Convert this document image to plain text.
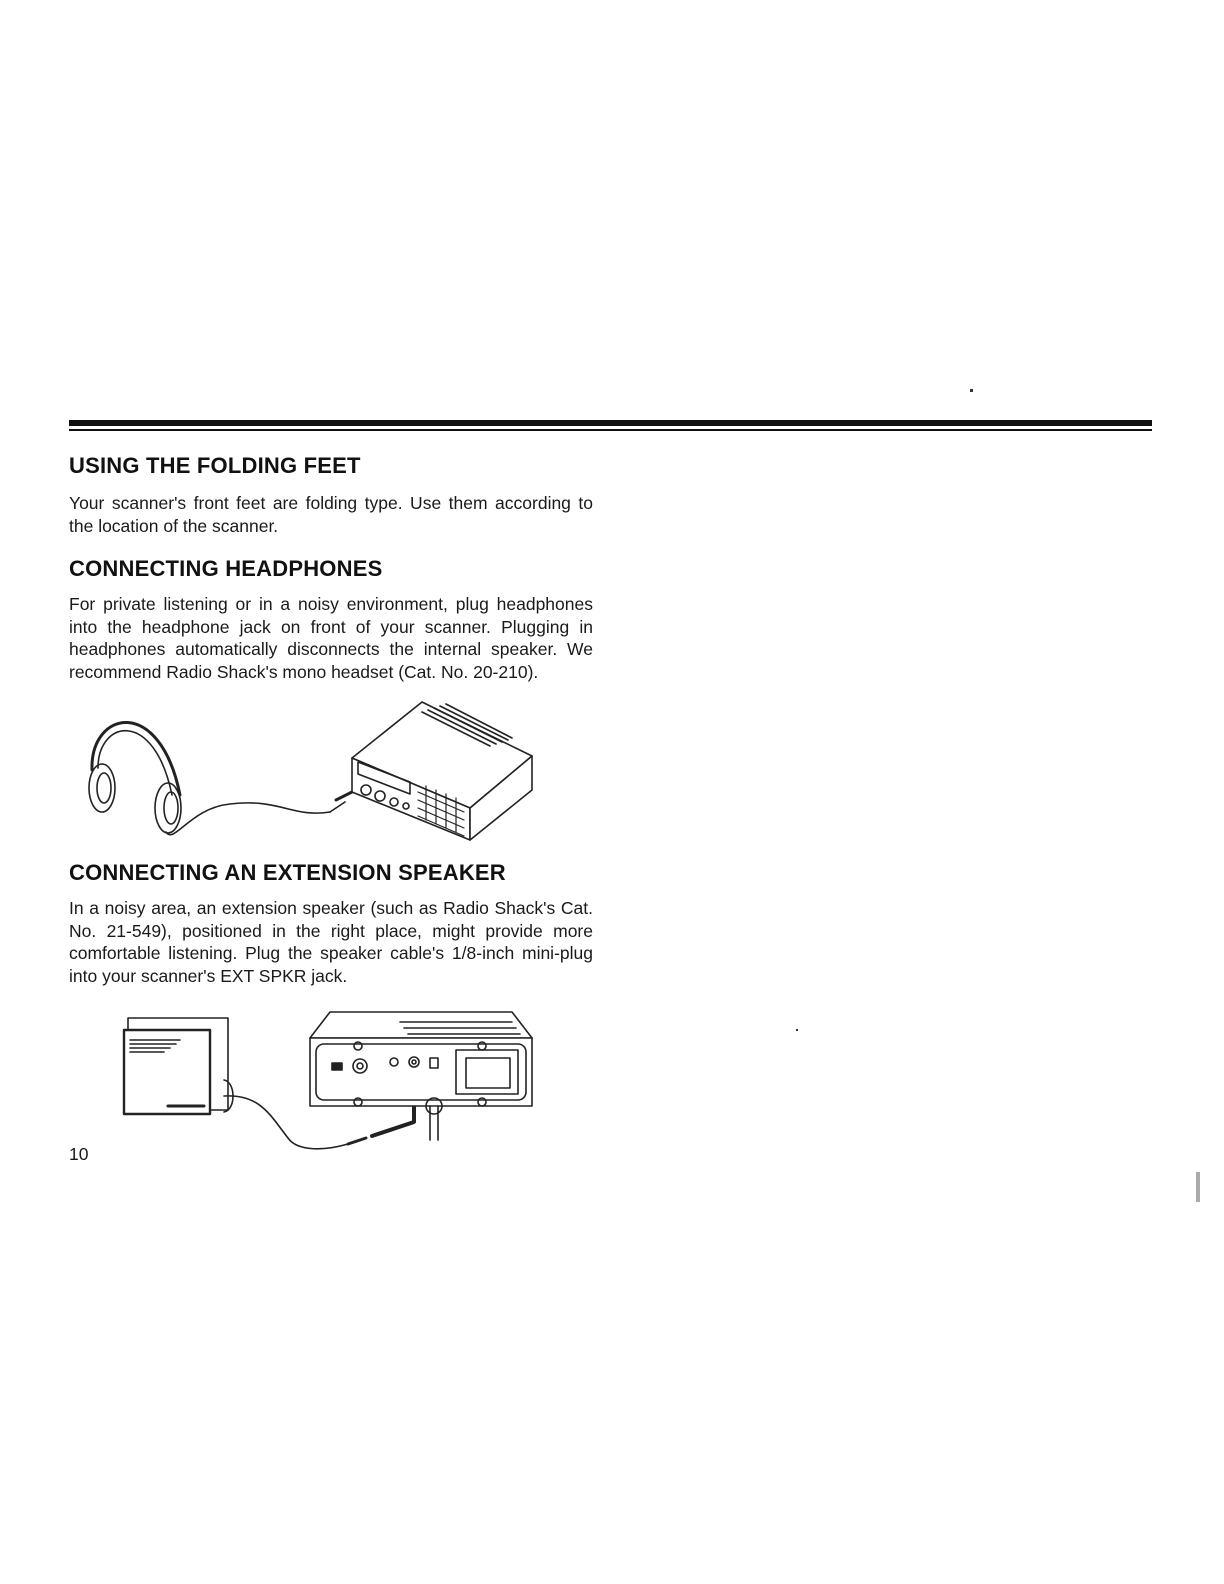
USING THE FOLDING FEET

Your scanner's front feet are folding type. Use them according to the location of the scanner.

CONNECTING HEADPHONES

For private listening or in a noisy environment, plug headphones into the headphone jack on front of your scanner. Plugging in headphones automatically disconnects the internal speaker. We recommend Radio Shack's mono headset (Cat. No. 20-210).

CONNECTING AN EXTENSION SPEAKER

In a noisy area, an extension speaker (such as Radio Shack's Cat. No. 21-549), positioned in the right place, might provide more comfortable listening. Plug the speaker cable's 1/8-inch mini-plug into your scanner's EXT SPKR jack.

10
